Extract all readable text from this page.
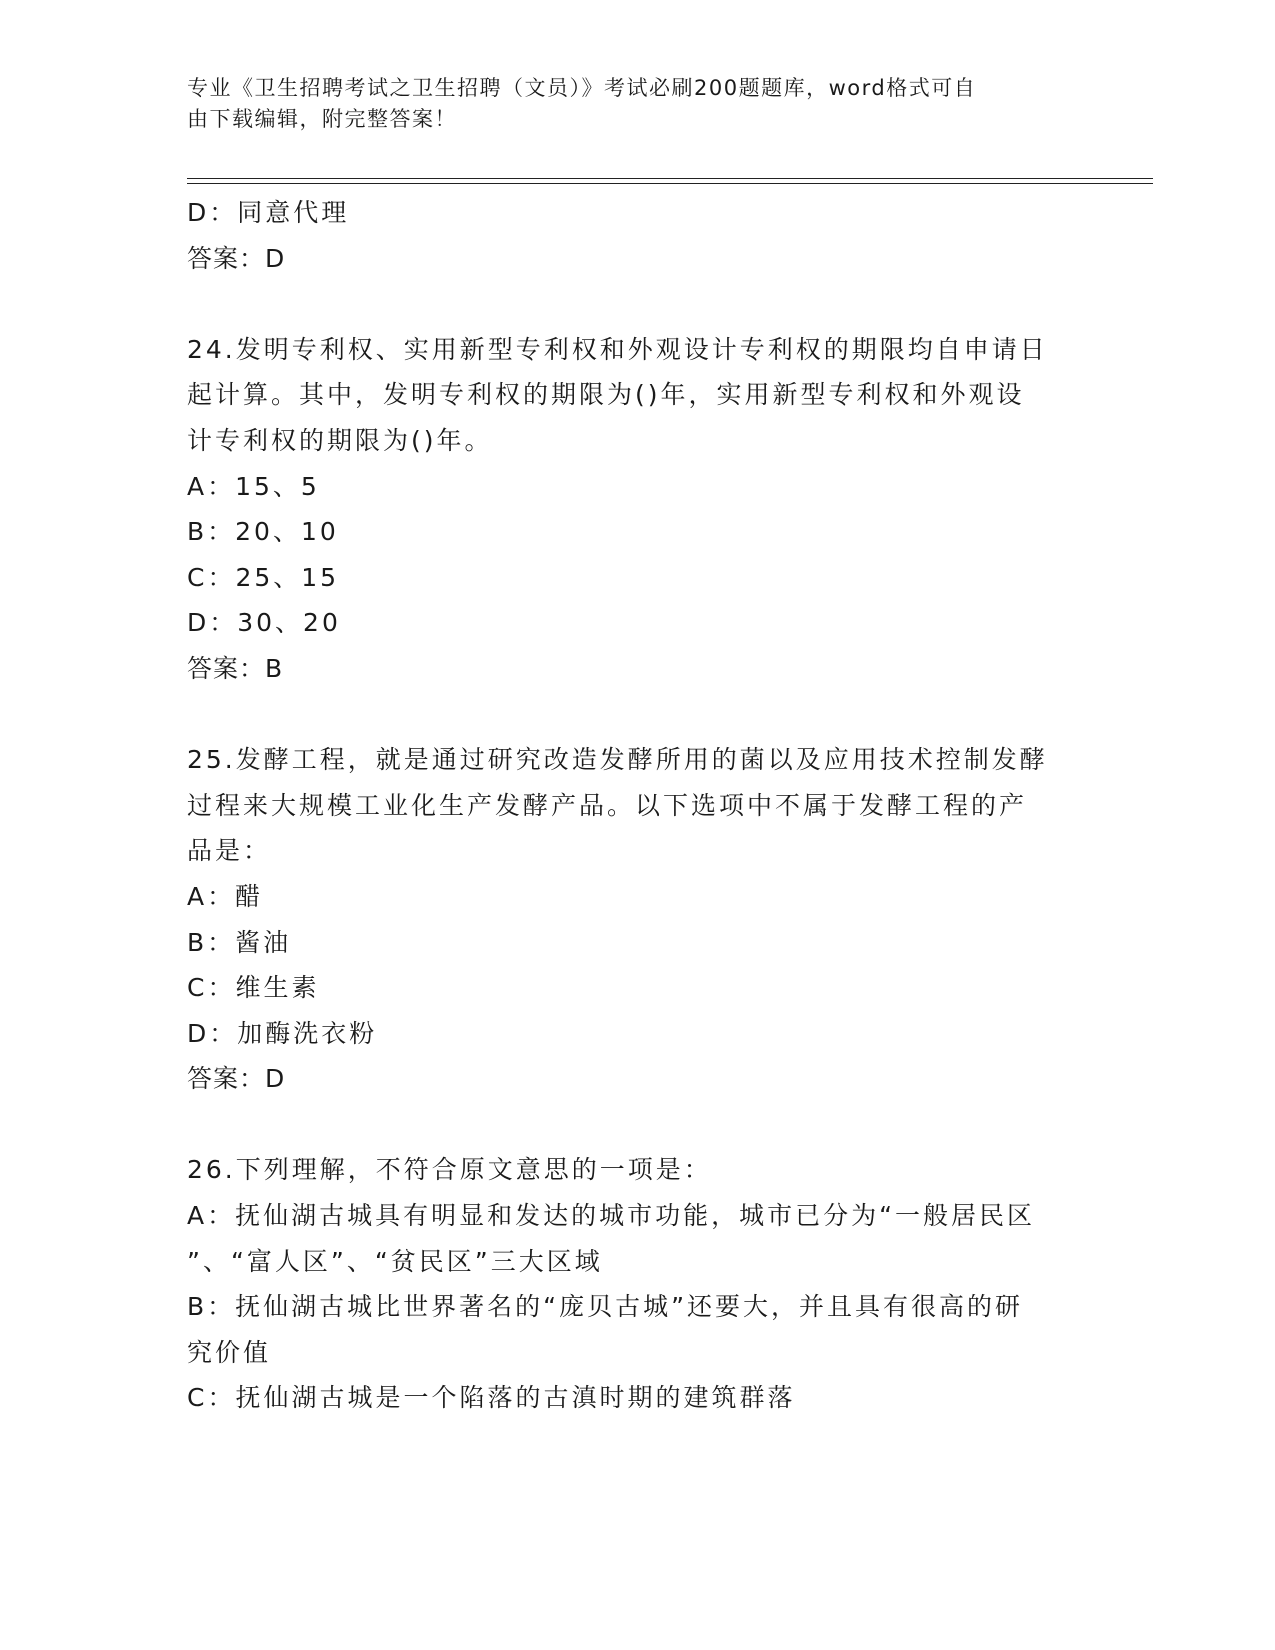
专业《卫生招聘考试之卫生招聘（文员）》考试必刷200题题库，word格式可自
由下载编辑，附完整答案！

D：同意代理

答案：D

24.发明专利权、实用新型专利权和外观设计专利权的期限均自申请日

起计算。其中，发明专利权的期限为()年，实用新型专利权和外观设

计专利权的期限为()年。

A：15、5

B：20、10

C：25、15

D：30、20

答案：B

25.发酵工程，就是通过研究改造发酵所用的菌以及应用技术控制发酵

过程来大规模工业化生产发酵产品。以下选项中不属于发酵工程的产

品是：

A：醋

B：酱油

C：维生素

D：加酶洗衣粉

答案：D

26.下列理解，不符合原文意思的一项是：

A：抚仙湖古城具有明显和发达的城市功能，城市已分为“一般居民区

”、“富人区”、“贫民区”三大区域

B：抚仙湖古城比世界著名的“庞贝古城”还要大，并且具有很高的研

究价值

C：抚仙湖古城是一个陷落的古滇时期的建筑群落
